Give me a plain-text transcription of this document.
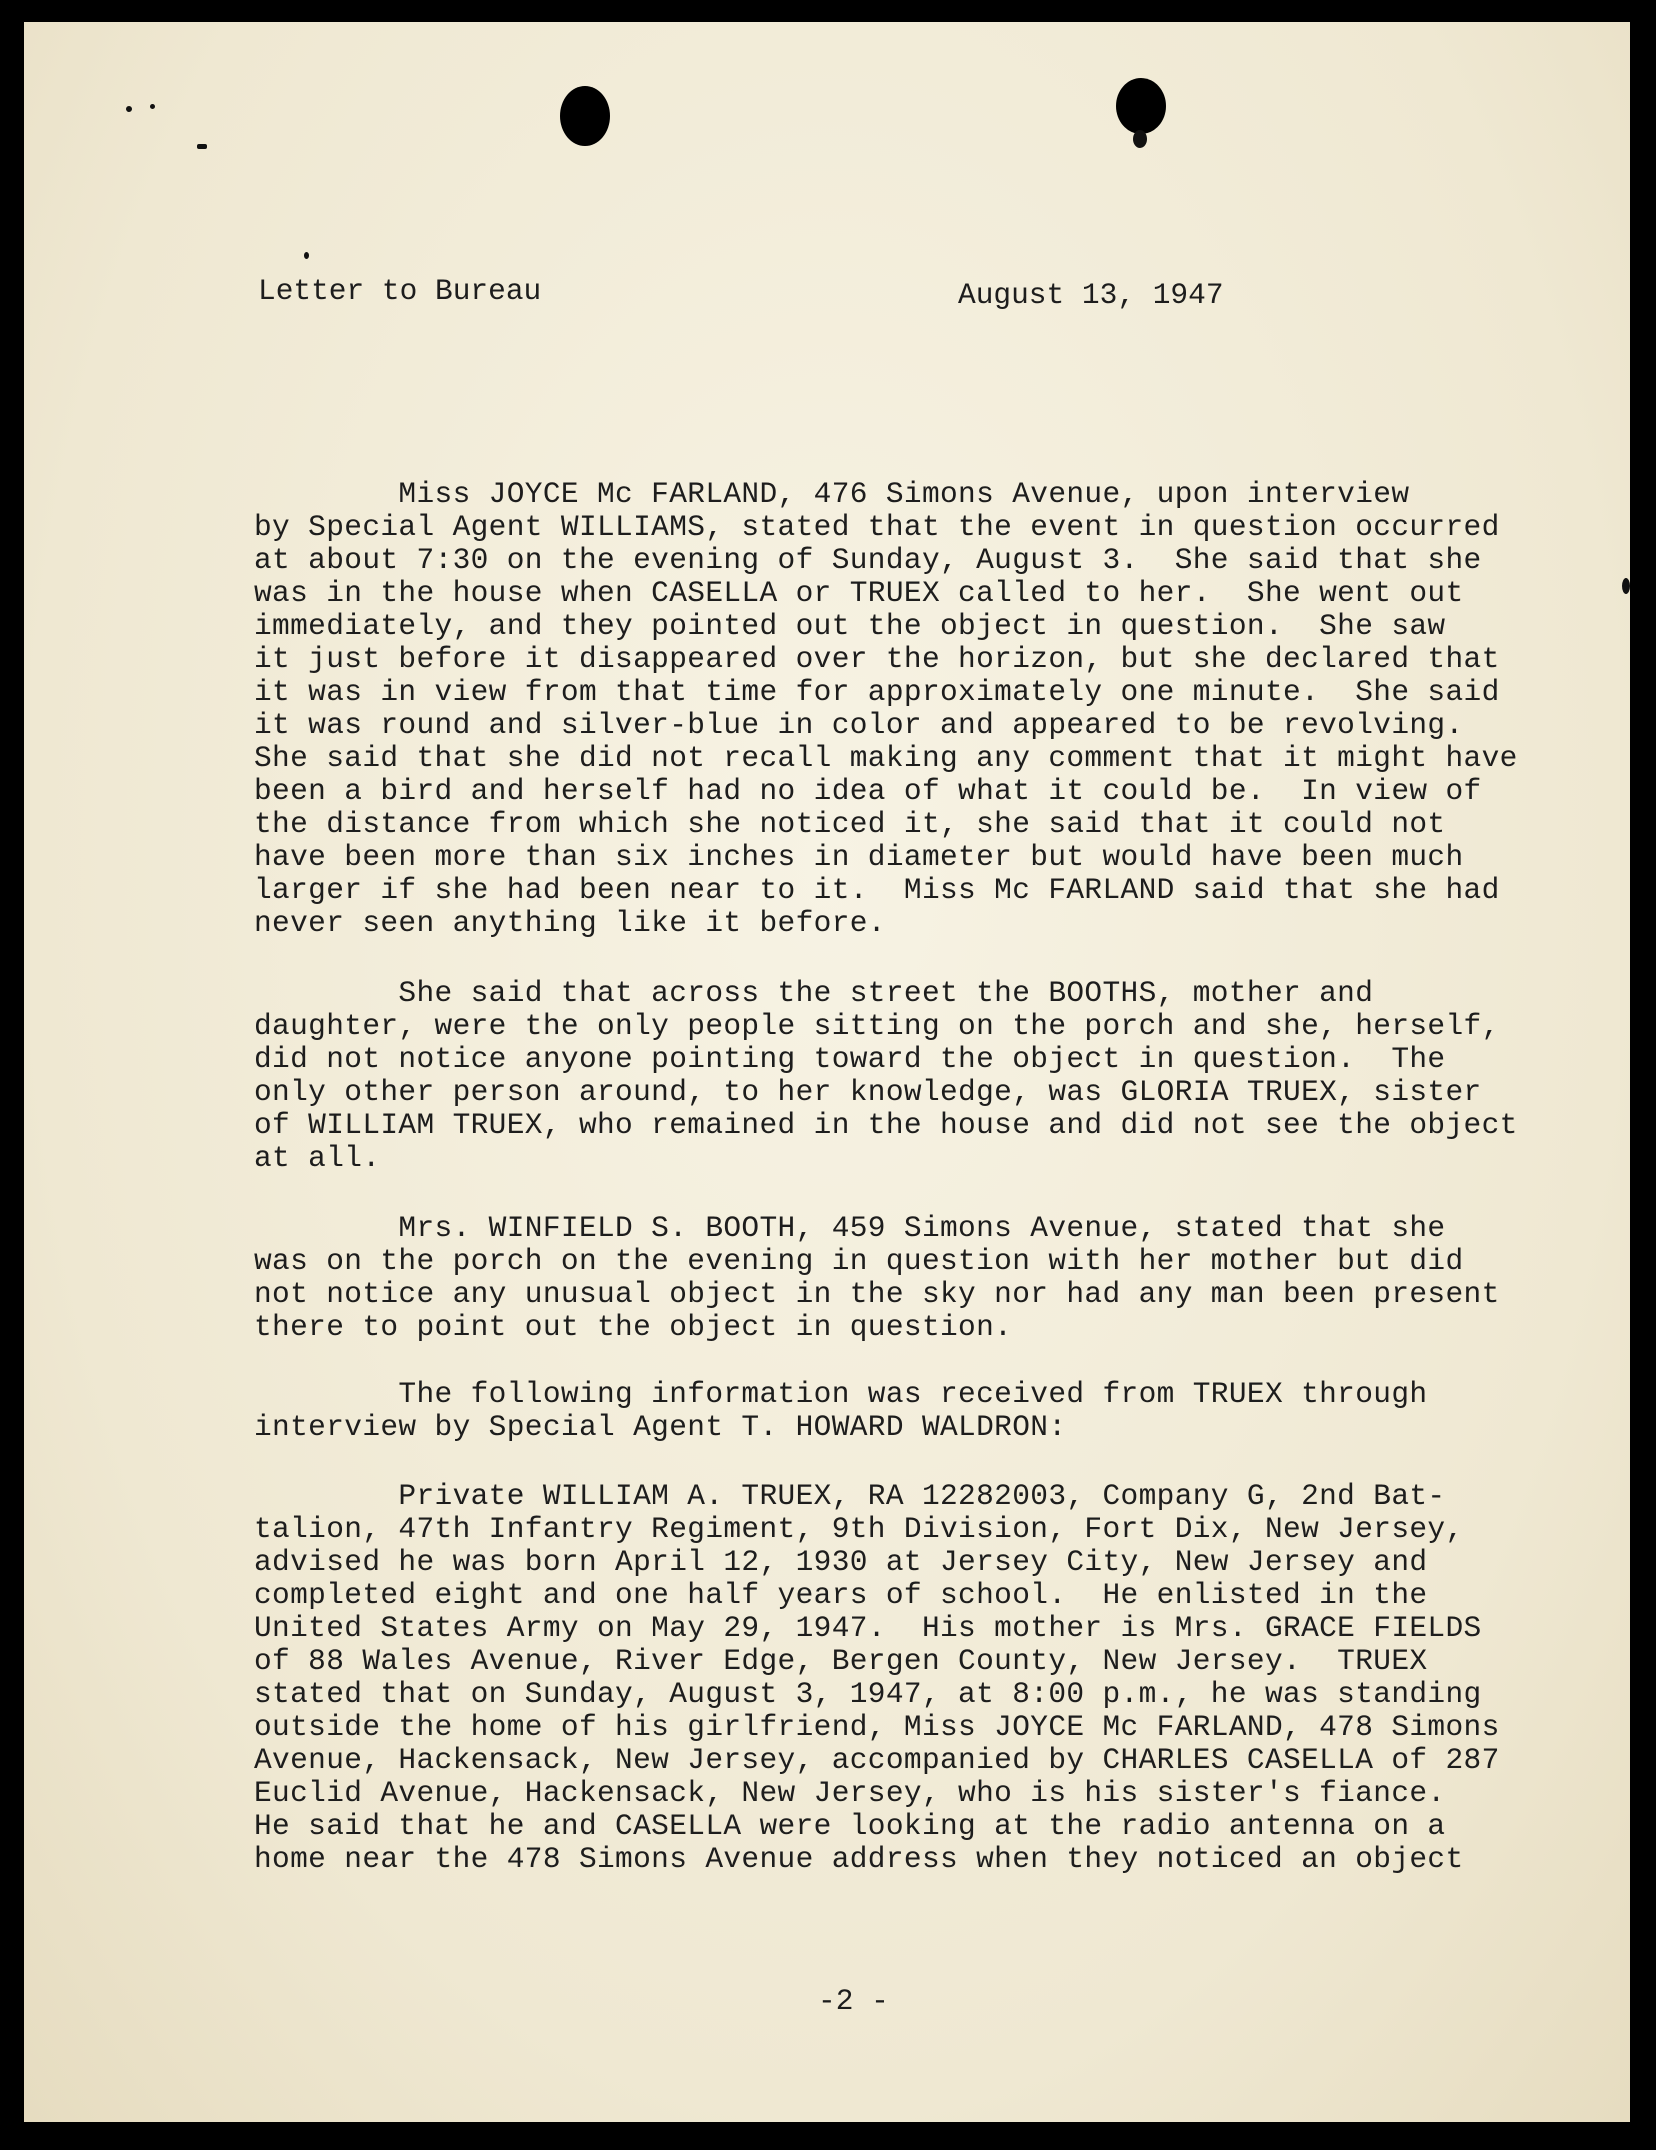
Letter to Bureau	August 13, 1947
Miss JOYCE Mc FARLAND, 476 Simons Avenue, upon interview
by Special Agent WILLIAMS, stated that the event in question occurred
at about 7:30 on the evening of Sunday, August 3.  She said that she
was in the house when CASELLA or TRUEX called to her.  She went out
immediately, and they pointed out the object in question.  She saw
it just before it disappeared over the horizon, but she declared that
it was in view from that time for approximately one minute.  She said
it was round and silver-blue in color and appeared to be revolving.
She said that she did not recall making any comment that it might have
been a bird and herself had no idea of what it could be.  In view of
the distance from which she noticed it, she said that it could not
have been more than six inches in diameter but would have been much
larger if she had been near to it.  Miss Mc FARLAND said that she had
never seen anything like it before.
She said that across the street the BOOTHS, mother and
daughter, were the only people sitting on the porch and she, herself,
did not notice anyone pointing toward the object in question.  The
only other person around, to her knowledge, was GLORIA TRUEX, sister
of WILLIAM TRUEX, who remained in the house and did not see the object
at all.
Mrs. WINFIELD S. BOOTH, 459 Simons Avenue, stated that she
was on the porch on the evening in question with her mother but did
not notice any unusual object in the sky nor had any man been present
there to point out the object in question.
The following information was received from TRUEX through
interview by Special Agent T. HOWARD WALDRON:
Private WILLIAM A. TRUEX, RA 12282003, Company G, 2nd Bat-
talion, 47th Infantry Regiment, 9th Division, Fort Dix, New Jersey,
advised he was born April 12, 1930 at Jersey City, New Jersey and
completed eight and one half years of school.  He enlisted in the
United States Army on May 29, 1947.  His mother is Mrs. GRACE FIELDS
of 88 Wales Avenue, River Edge, Bergen County, New Jersey.  TRUEX
stated that on Sunday, August 3, 1947, at 8:00 p.m., he was standing
outside the home of his girlfriend, Miss JOYCE Mc FARLAND, 478 Simons
Avenue, Hackensack, New Jersey, accompanied by CHARLES CASELLA of 287
Euclid Avenue, Hackensack, New Jersey, who is his sister's fiance.
He said that he and CASELLA were looking at the radio antenna on a
home near the 478 Simons Avenue address when they noticed an object
-2 -
